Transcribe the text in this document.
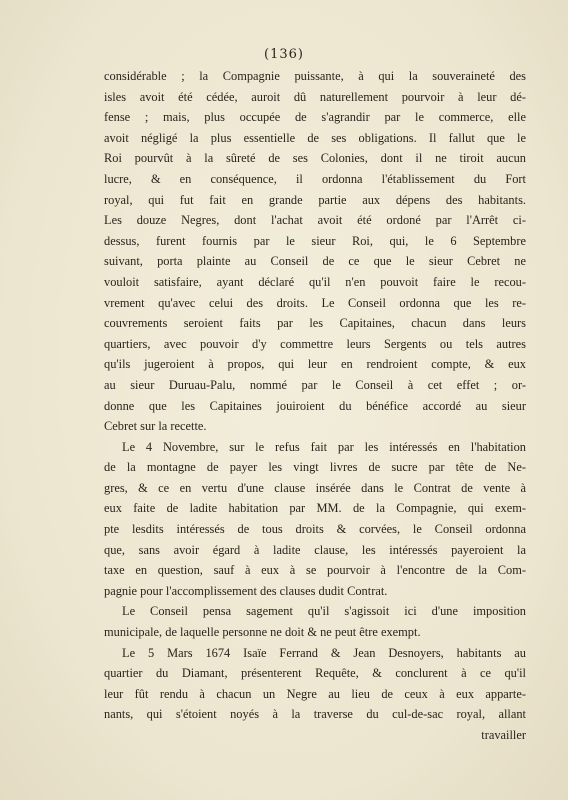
(136)
considérable ; la Compagnie puissante, à qui la souveraineté des
isles avoit été cédée, auroit dû naturellement pourvoir à leur dé-
fense ; mais, plus occupée de s'agrandir par le commerce, elle
avoit négligé la plus essentielle de ses obligations. Il fallut que le
Roi pourvût à la sûreté de ses Colonies, dont il ne tiroit aucun
lucre, & en conséquence, il ordonna l'établissement du Fort
royal, qui fut fait en grande partie aux dépens des habitants.
Les douze Negres, dont l'achat avoit été ordoné par l'Arrêt ci-
dessus, furent fournis par le sieur Roi, qui, le 6 Septembre
suivant, porta plainte au Conseil de ce que le sieur Cebret ne
vouloit satisfaire, ayant déclaré qu'il n'en pouvoit faire le recou-
vrement qu'avec celui des droits. Le Conseil ordonna que les re-
couvrements seroient faits par les Capitaines, chacun dans leurs
quartiers, avec pouvoir d'y commettre leurs Sergents ou tels autres
qu'ils jugeroient à propos, qui leur en rendroient compte, & eux
au sieur Duruau-Palu, nommé par le Conseil à cet effet ; or-
donne que les Capitaines jouiroient du bénéfice accordé au sieur
Cebret sur la recette.
Le 4 Novembre, sur le refus fait par les intéressés en l'habitation
de la montagne de payer les vingt livres de sucre par tête de Ne-
gres, & ce en vertu d'une clause insérée dans le Contrat de vente à
eux faite de ladite habitation par MM. de la Compagnie, qui exem-
pte lesdits intéressés de tous droits & corvées, le Conseil ordonna
que, sans avoir égard à ladite clause, les intéressés payeroient la
taxe en question, sauf à eux à se pourvoir à l'encontre de la Com-
pagnie pour l'accomplissement des clauses dudit Contrat.
Le Conseil pensa sagement qu'il s'agissoit ici d'une imposition
municipale, de laquelle personne ne doit & ne peut être exempt.
Le 5 Mars 1674 Isaïe Ferrand & Jean Desnoyers, habitants au
quartier du Diamant, présenterent Requête, & conclurent à ce qu'il
leur fût rendu à chacun un Negre au lieu de ceux à eux apparte-
nants, qui s'étoient noyés à la traverse du cul-de-sac royal, allant
travailler
